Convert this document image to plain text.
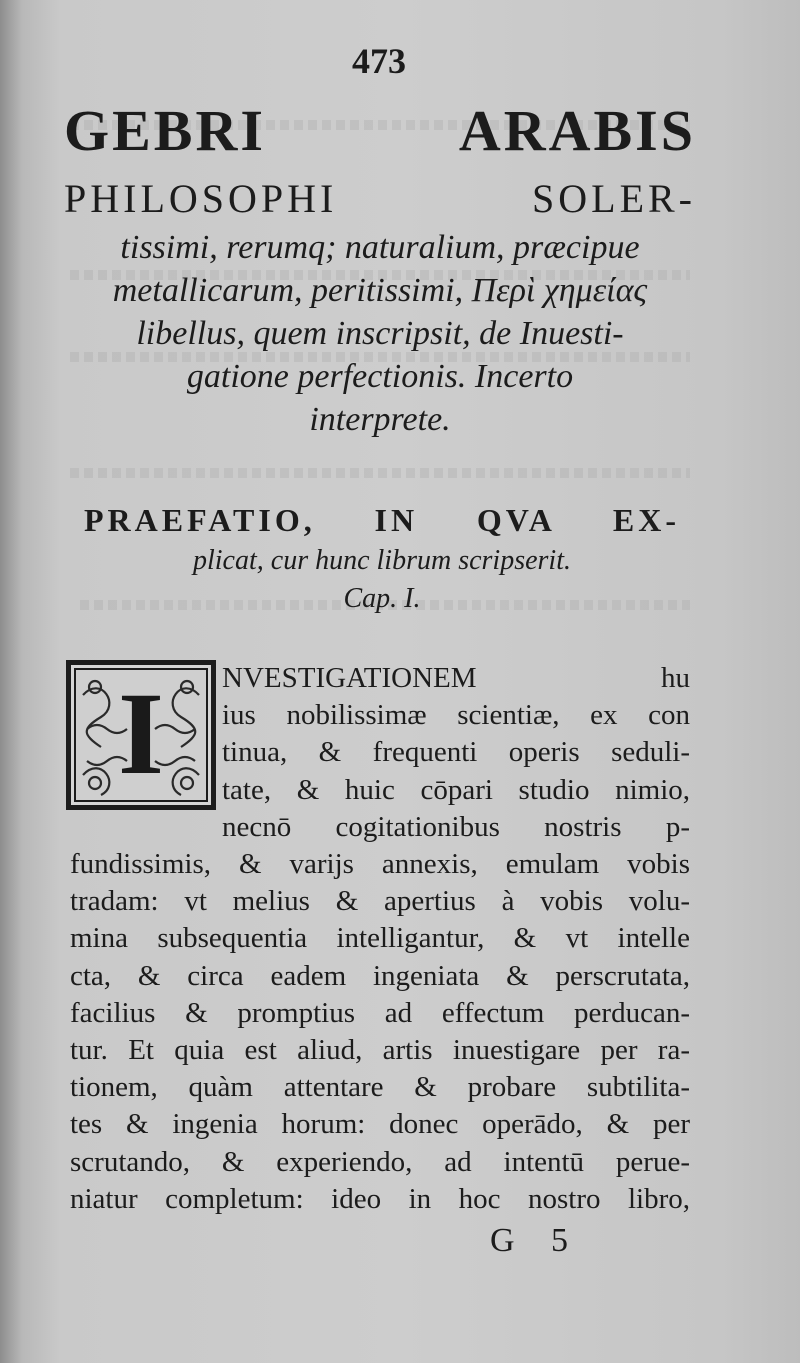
473
GEBRI ARABIS
PHILOSOPHI SOLER-
tissimi, rerumq; naturalium, præcipue
metallicarum, peritissimi, Περὶ χημείας
libellus, quem inscripsit, de Inuesti-
gatione perfectionis. Incerto
interprete.
PRAEFATIO, IN QVA EX-
plicat, cur hunc librum scripserit.
Cap. I.
I	NVESTIGATIONEM hu
ius nobilissimæ scientiæ, ex con
tinua, & frequenti operis seduli-
tate, & huic cōpari studio nimio,
necnō cogitationibus nostris p-
fundissimis, & varijs annexis, emulam vobis
tradam: vt melius & apertius à vobis volu-
mina subsequentia intelligantur, & vt intelle
cta, & circa eadem ingeniata & perscrutata,
facilius & promptius ad effectum perducan-
tur. Et quia est aliud, artis inuestigare per ra-
tionem, quàm attentare & probare subtilita-
tes & ingenia horum: donec operādo, & per
scrutando, & experiendo, ad intentū perue-
niatur completum: ideo in hoc nostro libro,
G 5
